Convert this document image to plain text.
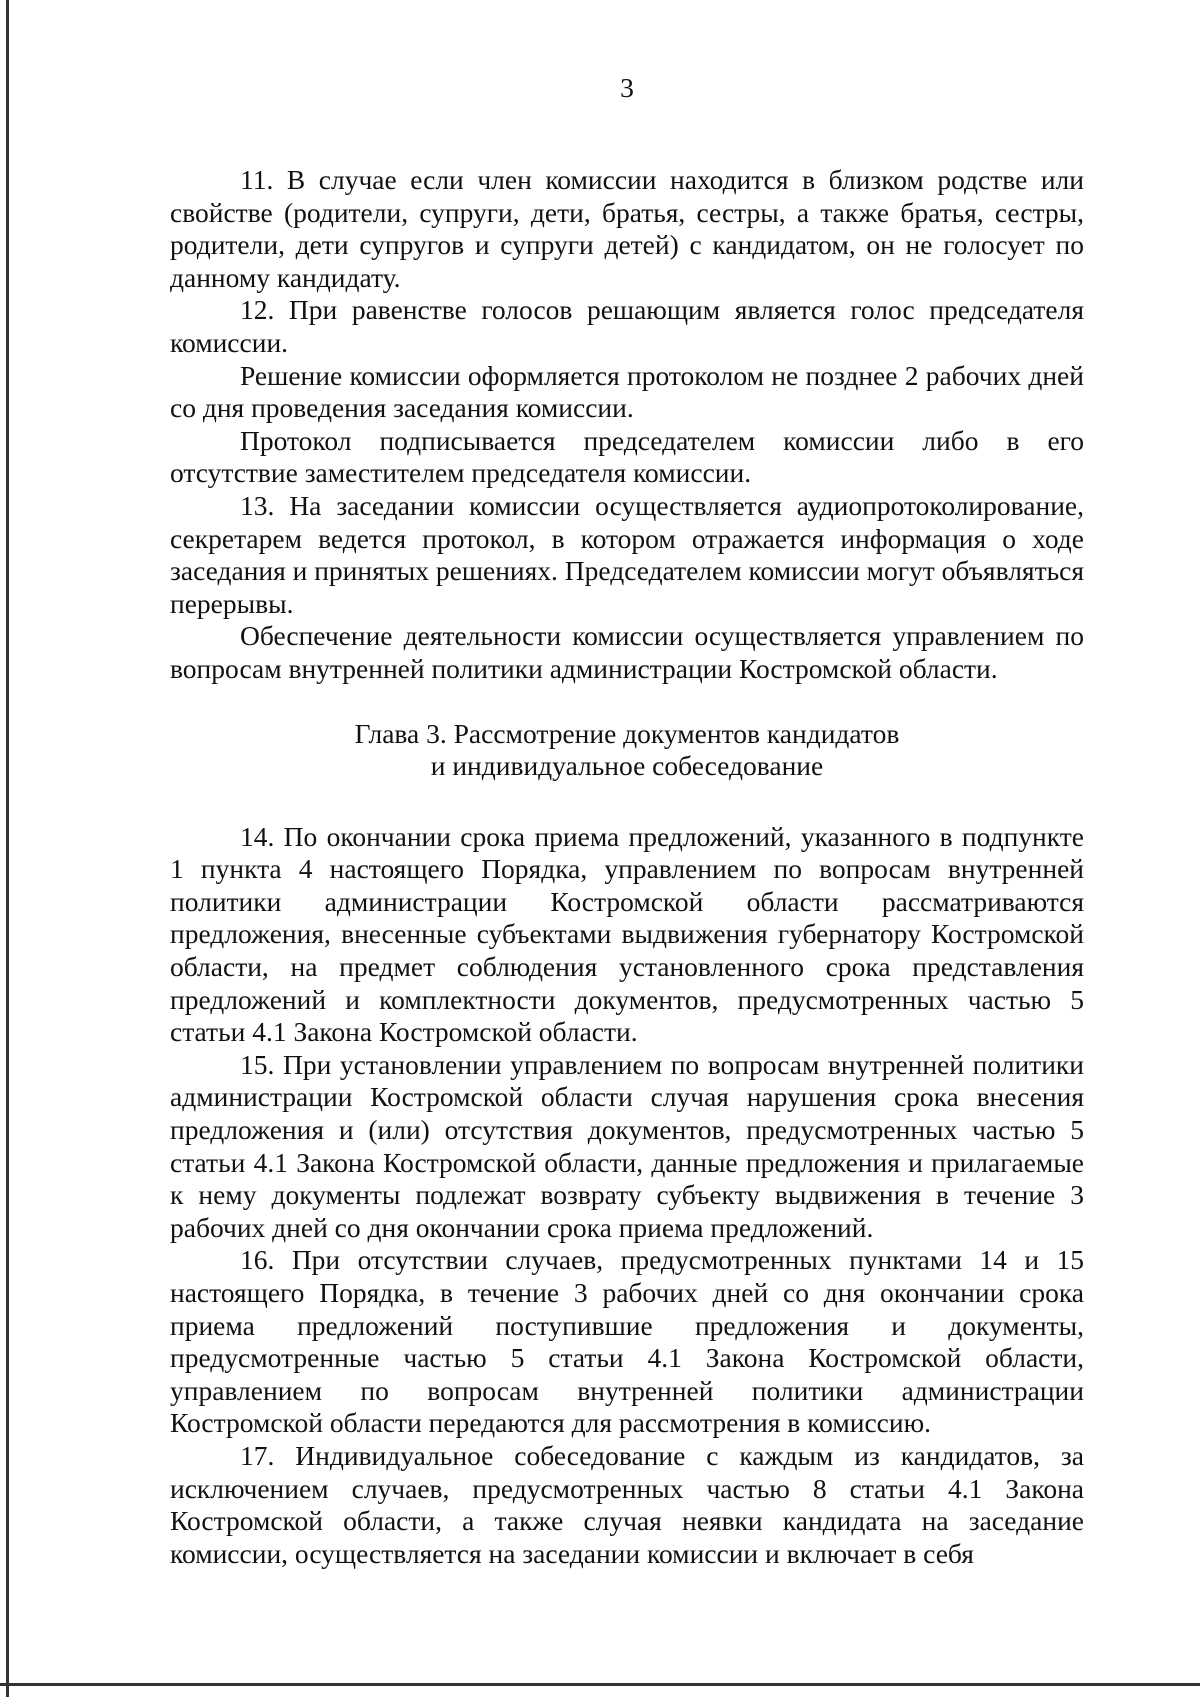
3

11. В случае если член комиссии находится в близком родстве или свойстве (родители, супруги, дети, братья, сестры, а также братья, сестры, родители, дети супругов и супруги детей) с кандидатом, он не голосует по данному кандидату.

12. При равенстве голосов решающим является голос председателя комиссии.

Решение комиссии оформляется протоколом не позднее 2 рабочих дней со дня проведения заседания комиссии.

Протокол подписывается председателем комиссии либо в его отсутствие заместителем председателя комиссии.

13. На заседании комиссии осуществляется аудиопротоколирование, секретарем ведется протокол, в котором отражается информация о ходе заседания и принятых решениях. Председателем комиссии могут объявляться перерывы.

Обеспечение деятельности комиссии осуществляется управлением по вопросам внутренней политики администрации Костромской области.

Глава 3. Рассмотрение документов кандидатов
и индивидуальное собеседование

14. По окончании срока приема предложений, указанного в подпункте 1 пункта 4 настоящего Порядка, управлением по вопросам внутренней политики администрации Костромской области рассматриваются предложения, внесенные субъектами выдвижения губернатору Костромской области, на предмет соблюдения установленного срока представления предложений и комплектности документов, предусмотренных частью 5 статьи 4.1 Закона Костромской области.

15. При установлении управлением по вопросам внутренней политики администрации Костромской области случая нарушения срока внесения предложения и (или) отсутствия документов, предусмотренных частью 5 статьи 4.1 Закона Костромской области, данные предложения и прилагаемые к нему документы подлежат возврату субъекту выдвижения в течение 3 рабочих дней со дня окончании срока приема предложений.

16. При отсутствии случаев, предусмотренных пунктами 14 и 15 настоящего Порядка, в течение 3 рабочих дней со дня окончании срока приема предложений поступившие предложения и документы, предусмотренные частью 5 статьи 4.1 Закона Костромской области, управлением по вопросам внутренней политики администрации Костромской области передаются для рассмотрения в комиссию.

17. Индивидуальное собеседование с каждым из кандидатов, за исключением случаев, предусмотренных частью 8 статьи 4.1 Закона Костромской области, а также случая неявки кандидата на заседание комиссии, осуществляется на заседании комиссии и включает в себя
